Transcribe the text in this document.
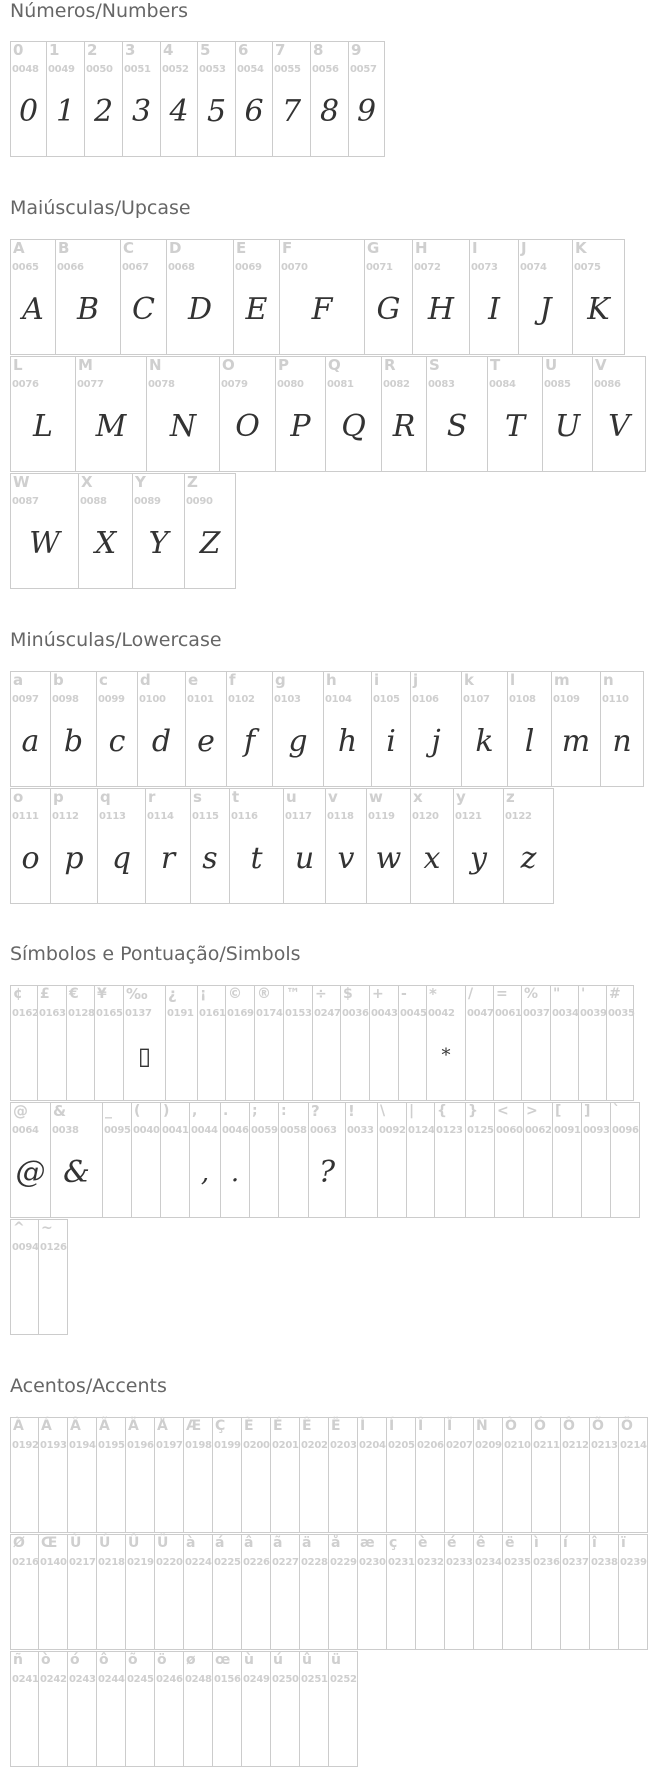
Números/Numbers
Maiúsculas/Upcase
Minúsculas/Lowercase
Símbolos e Pontuação/Simbols
Acentos/Accents
0
0048
0
1
0049
1
2
0050
2
3
0051
3
4
0052
4
5
0053
5
6
0054
6
7
0055
7
8
0056
8
9
0057
9
A
0065
A
B
0066
B
C
0067
C
D
0068
D
E
0069
E
F
0070
F
G
0071
G
H
0072
H
I
0073
I
J
0074
J
K
0075
K
L
0076
L
M
0077
M
N
0078
N
O
0079
O
P
0080
P
Q
0081
Q
R
0082
R
S
0083
S
T
0084
T
U
0085
U
V
0086
V
W
0087
W
X
0088
X
Y
0089
Y
Z
0090
Z
a
0097
a
b
0098
b
c
0099
c
d
0100
d
e
0101
e
f
0102
f
g
0103
g
h
0104
h
i
0105
i
j
0106
j
k
0107
k
l
0108
l
m
0109
m
n
0110
n
o
0111
o
p
0112
p
q
0113
q
r
0114
r
s
0115
s
t
0116
t
u
0117
u
v
0118
v
w
0119
w
x
0120
x
y
0121
y
z
0122
z
¢
0162
£
0163
€
0128
¥
0165
‰
0137
▯
¿
0191
¡
0161
©
0169
®
0174
™
0153
÷
0247
$
0036
+
0043
-
0045
*
0042
*
/
0047
=
0061
%
0037
"
0034
'
0039
#
0035
@
0064
@
&
0038
&
_
0095
(
0040
)
0041
,
0044
,
.
0046
.
;
0059
:
0058
?
0063
?
!
0033
\
0092
|
0124
{
0123
}
0125
<
0060
>
0062
[
0091
]
0093
`
0096
^
0094
~
0126
À
0192
Á
0193
Â
0194
Ã
0195
Ä
0196
Å
0197
Æ
0198
Ç
0199
È
0200
É
0201
Ê
0202
Ë
0203
Ì
0204
Í
0205
Î
0206
Ï
0207
Ñ
0209
Ò
0210
Ó
0211
Ô
0212
Õ
0213
Ö
0214
Ø
0216
Œ
0140
Ù
0217
Ú
0218
Û
0219
Ü
0220
à
0224
á
0225
â
0226
ã
0227
ä
0228
å
0229
æ
0230
ç
0231
è
0232
é
0233
ê
0234
ë
0235
ì
0236
í
0237
î
0238
ï
0239
ñ
0241
ò
0242
ó
0243
ô
0244
õ
0245
ö
0246
ø
0248
œ
0156
ù
0249
ú
0250
û
0251
ü
0252
